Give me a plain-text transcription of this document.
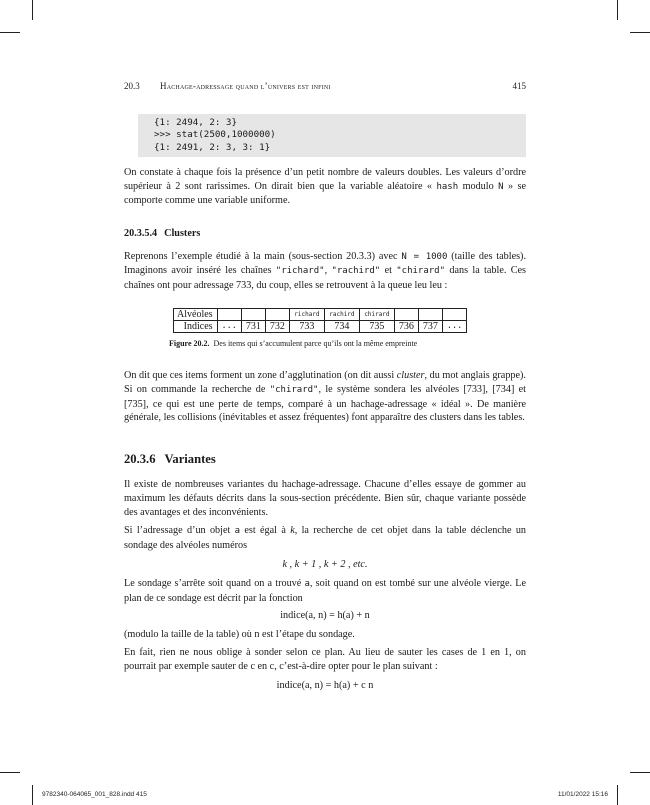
20.3 Hachage-adressage quand l’univers est infini	415
{1: 2494, 2: 3}
>>> stat(2500,1000000)
{1: 2491, 2: 3, 3: 1}
On constate à chaque fois la présence d’un petit nombre de valeurs doubles. Les valeurs d’ordre supérieur à 2 sont rarissimes. On dirait bien que la variable aléatoire « hash modulo N » se comporte comme une variable uniforme.
20.3.5.4 Clusters
Reprenons l’exemple étudié à la main (sous-section 20.3.3) avec N = 1000 (taille des tables). Imaginons avoir inséré les chaînes "richard", "rachird" et "chirard" dans la table. Ces chaînes ont pour adressage 733, du coup, elles se retrouvent à la queue leu leu :
Alvéoles				richard	rachird	chirard			
Indices	...	731	732	733	734	735	736	737	...
Figure 20.2. Des items qui s’accumulent parce qu’ils ont la même empreinte
On dit que ces items forment un zone d’agglutination (on dit aussi cluster, du mot anglais grappe). Si on commande la recherche de "chirard", le système sondera les alvéoles [733], [734] et [735], ce qui est une perte de temps, comparé à un hachage-adressage « idéal ». De manière générale, les collisions (inévitables et assez fréquentes) font apparaître des clusters dans les tables.
20.3.6 Variantes
Il existe de nombreuses variantes du hachage-adressage. Chacune d’elles essaye de gommer au maximum les défauts décrits dans la sous-section précédente. Bien sûr, chaque variante possède des avantages et des inconvénients.
Si l’adressage d’un objet a est égal à k, la recherche de cet objet dans la table déclenche un sondage des alvéoles numéros
k , k + 1 , k + 2 , etc.
Le sondage s’arrête soit quand on a trouvé a, soit quand on est tombé sur une alvéole vierge. Le plan de ce sondage est décrit par la fonction
indice(a, n) = h(a) + n
(modulo la taille de la table) où n est l’étape du sondage.
En fait, rien ne nous oblige à sonder selon ce plan. Au lieu de sauter les cases de 1 en 1, on pourrait par exemple sauter de c en c, c’est-à-dire opter pour le plan suivant :
indice(a, n) = h(a) + c n
9782340-064065_001_828.indd 415	11/01/2022 15:16
